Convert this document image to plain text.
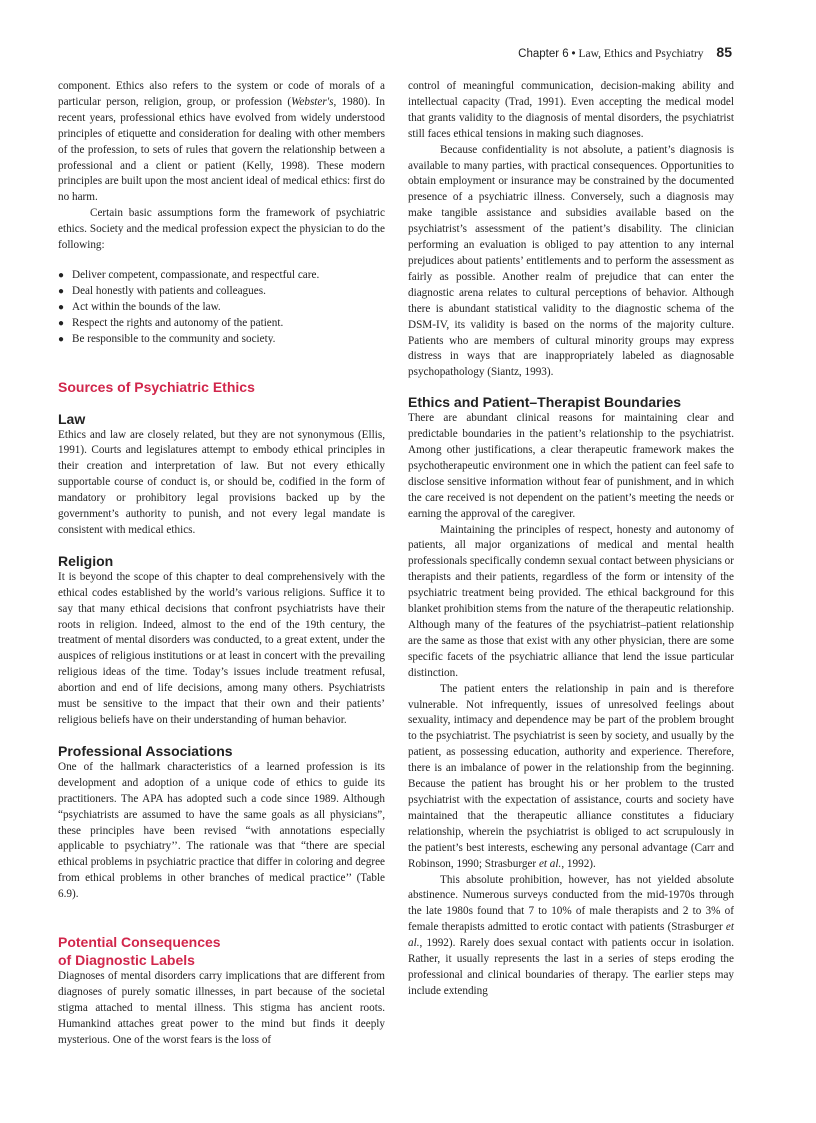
Chapter 6 • Law, Ethics and Psychiatry 85

component. Ethics also refers to the system or code of morals of a particular person, religion, group, or profession (Webster's, 1980). In recent years, professional ethics have evolved from widely understood principles of etiquette and consideration for dealing with other members of the profession, to sets of rules that govern the relationship between a professional and a client or patient (Kelly, 1998). These modern principles are built upon the most ancient ideal of medical ethics: first do no harm.

Certain basic assumptions form the framework of psychiatric ethics. Society and the medical profession expect the physician to do the following:

● Deliver competent, compassionate, and respectful care.
● Deal honestly with patients and colleagues.
● Act within the bounds of the law.
● Respect the rights and autonomy of the patient.
● Be responsible to the community and society.
Sources of Psychiatric Ethics
Law

Ethics and law are closely related, but they are not synonymous (Ellis, 1991). Courts and legislatures attempt to embody ethical principles in their creation and interpretation of law. But not every ethically supportable course of conduct is, or should be, codified in the form of mandatory or prohibitory legal provisions backed up by the government’s authority to punish, and not every legal mandate is consistent with medical ethics.

Religion

It is beyond the scope of this chapter to deal comprehensively with the ethical codes established by the world’s various religions. Suffice it to say that many ethical decisions that confront psychiatrists have their roots in religion. Indeed, almost to the end of the 19th century, the treatment of mental disorders was conducted, to a great extent, under the auspices of religious institutions or at least in concert with the prevailing religious ideas of the time. Today’s issues include treatment refusal, abortion and end of life decisions, among many others. Psychiatrists must be sensitive to the impact that their own and their patients’ religious beliefs have on their understanding of human behavior.

Professional Associations

One of the hallmark characteristics of a learned profession is its development and adoption of a unique code of ethics to guide its practitioners. The APA has adopted such a code since 1989. Although “psychiatrists are assumed to have the same goals as all physicians”, these principles have been revised “with annotations especially applicable to psychiatry’’. The rationale was that “there are special ethical problems in psychiatric practice that differ in coloring and degree from ethical problems in other branches of medical practice’’ (Table 6.9).

Potential Consequences
of Diagnostic Labels

Diagnoses of mental disorders carry implications that are different from diagnoses of purely somatic illnesses, in part because of the societal stigma attached to mental illness. This stigma has ancient roots. Humankind attaches great power to the mind but finds it deeply mysterious. One of the worst fears is the loss of

control of meaningful communication, decision-making ability and intellectual capacity (Trad, 1991). Even accepting the medical model that grants validity to the diagnosis of mental disorders, the psychiatrist still faces ethical tensions in making such diagnoses.

Because confidentiality is not absolute, a patient’s diagnosis is available to many parties, with practical consequences. Opportunities to obtain employment or insurance may be constrained by the documented presence of a psychiatric illness. Conversely, such a diagnosis may make tangible assistance and subsidies available based on the psychiatrist’s assessment of the patient’s disability. The clinician performing an evaluation is obliged to pay attention to any internal prejudices about patients’ entitlements and to perform the assessment as fairly as possible. Another realm of prejudice that can enter the diagnostic arena relates to cultural perceptions of behavior. Although there is abundant statistical validity to the diagnostic schema of the DSM-IV, its validity is based on the norms of the majority culture. Patients who are members of cultural minority groups may express distress in ways that are inappropriately labeled as diagnosable psychopathology (Siantz, 1993).

Ethics and Patient–Therapist Boundaries

There are abundant clinical reasons for maintaining clear and predictable boundaries in the patient’s relationship to the psychiatrist. Among other justifications, a clear therapeutic framework makes the psychotherapeutic environment one in which the patient can feel safe to disclose sensitive information without fear of punishment, and in which the care received is not dependent on the patient’s meeting the needs or earning the approval of the caregiver.

Maintaining the principles of respect, honesty and autonomy of patients, all major organizations of medical and mental health professionals specifically condemn sexual contact between physicians or therapists and their patients, regardless of the form or intensity of the psychiatric treatment being provided. The ethical background for this blanket prohibition stems from the nature of the therapeutic relationship. Although many of the features of the psychiatrist–patient relationship are the same as those that exist with any other physician, there are some specific facets of the psychiatric alliance that lend the issue particular distinction.

The patient enters the relationship in pain and is therefore vulnerable. Not infrequently, issues of unresolved feelings about sexuality, intimacy and dependence may be part of the problem brought to the psychiatrist. The psychiatrist is seen by society, and usually by the patient, as possessing education, authority and experience. Therefore, there is an imbalance of power in the relationship from the beginning. Because the patient has brought his or her problem to the trusted psychiatrist with the expectation of assistance, courts and society have maintained that the therapeutic alliance constitutes a fiduciary relationship, wherein the psychiatrist is obliged to act scrupulously in the patient’s best interests, eschewing any personal advantage (Carr and Robinson, 1990; Strasburger et al., 1992).

This absolute prohibition, however, has not yielded absolute abstinence. Numerous surveys conducted from the mid-1970s through the late 1980s found that 7 to 10% of male therapists and 2 to 3% of female therapists admitted to erotic contact with patients (Strasburger et al., 1992). Rarely does sexual contact with patients occur in isolation. Rather, it usually represents the last in a series of steps eroding the professional and clinical boundaries of therapy. The earlier steps may include extending
